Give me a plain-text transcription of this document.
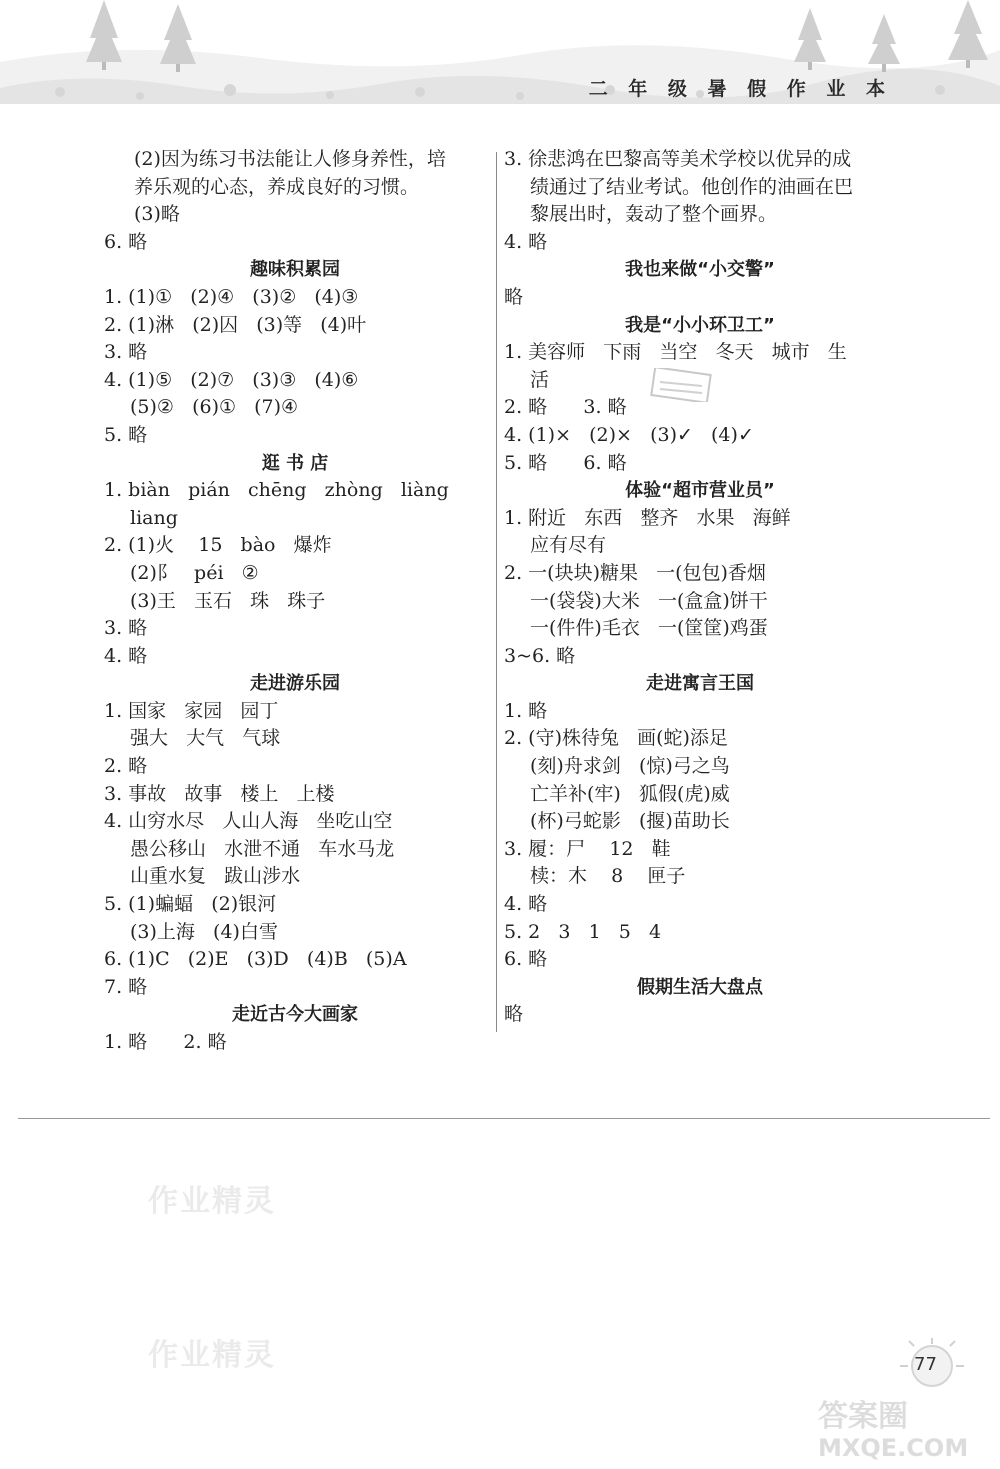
二 年 级 暑 假 作 业 本
(2)因为练习书法能让人修身养性，培
养乐观的心态，养成良好的习惯。
(3)略
6. 略
趣味积累园
1. (1)①   (2)④   (3)②   (4)③
2. (1)淋   (2)囚   (3)等   (4)叶
3. 略
4. (1)⑤   (2)⑦   (3)③   (4)⑥
(5)②   (6)①   (7)④
5. 略
逛 书 店
1. biàn   pián   chēng   zhòng   liàng
liang
2. (1)火    15   bào   爆炸
(2)阝   péi   ②
(3)王   玉石   珠   珠子
3. 略
4. 略
走进游乐园
1. 国家   家园   园丁
强大   大气   气球
2. 略
3. 事故   故事   楼上   上楼
4. 山穷水尽   人山人海   坐吃山空
愚公移山   水泄不通   车水马龙
山重水复   跋山涉水
5. (1)蝙蝠   (2)银河
(3)上海   (4)白雪
6. (1)C   (2)E   (3)D   (4)B   (5)A
7. 略
走近古今大画家
1. 略      2. 略
3. 徐悲鸿在巴黎高等美术学校以优异的成
绩通过了结业考试。他创作的油画在巴
黎展出时，轰动了整个画界。
4. 略
我也来做“小交警”
略
我是“小小环卫工”
1. 美容师   下雨   当空   冬天   城市   生
活
2. 略      3. 略
4. (1)×   (2)×   (3)✓   (4)✓
5. 略      6. 略
体验“超市营业员”
1. 附近   东西   整齐   水果   海鲜
应有尽有
2. 一(块块)糖果   一(包包)香烟
一(袋袋)大米   一(盒盒)饼干
一(件件)毛衣   一(筐筐)鸡蛋
3~6. 略
走进寓言王国
1. 略
2. (守)株待兔   画(蛇)添足
(刻)舟求剑   (惊)弓之鸟
亡羊补(牢)   狐假(虎)威
(杯)弓蛇影   (揠)苗助长
3. 履：尸    12   鞋
椟：木    8    匣子
4. 略
5. 2   3   1   5   4
6. 略
假期生活大盘点
略
作业精灵
作业精灵	77
答案圈
MXQE.COM
